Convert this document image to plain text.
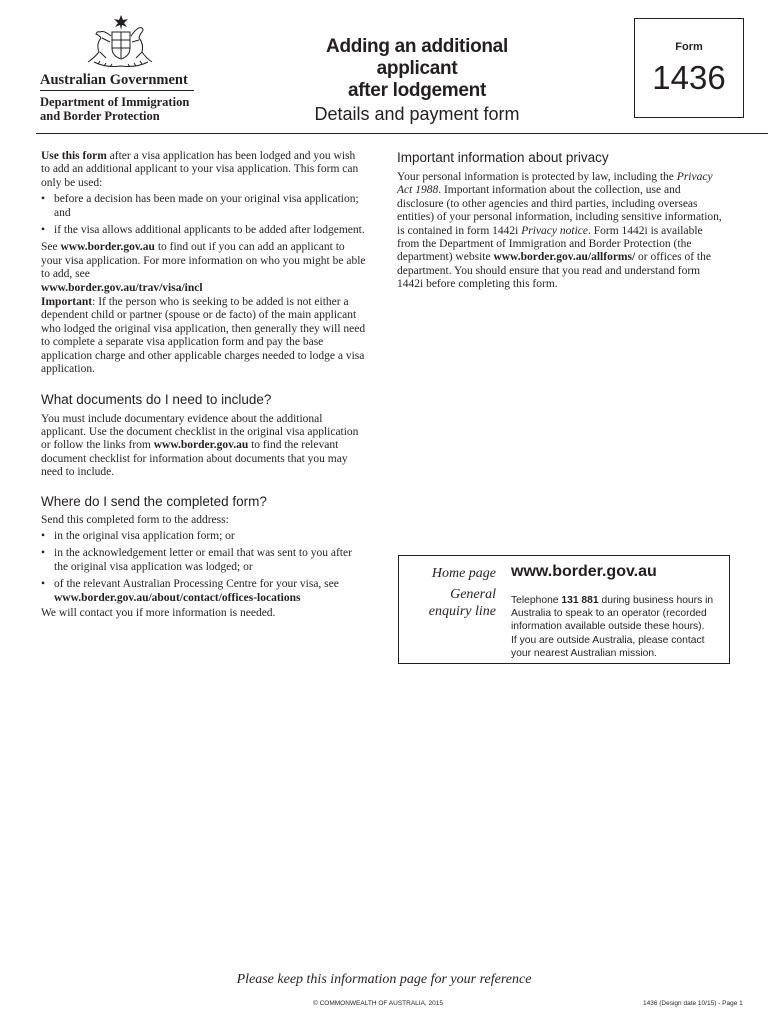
Australian Government
Department of Immigration
and Border Protection
Adding an additional applicant
after lodgement
Details and payment form
Form
1436

Use this form after a visa application has been lodged and you wish to add an additional applicant to your visa application. This form can only be used:

• before a decision has been made on your original visa application; and
• if the visa allows additional applicants to be added after lodgement.

See www.border.gov.au to find out if you can add an applicant to your visa application. For more information on who you might be able to add, see
www.border.gov.au/trav/visa/incl

Important: If the person who is seeking to be added is not either a dependent child or partner (spouse or de facto) of the main applicant who lodged the original visa application, then generally they will need to complete a separate visa application form and pay the base application charge and other applicable charges needed to lodge a visa application.

What documents do I need to include?

You must include documentary evidence about the additional applicant. Use the document checklist in the original visa application or follow the links from www.border.gov.au to find the relevant document checklist for information about documents that you may need to include.

Where do I send the completed form?

Send this completed form to the address:

• in the original visa application form; or
• in the acknowledgement letter or email that was sent to you after the original visa application was lodged; or
• of the relevant Australian Processing Centre for your visa, see

www.border.gov.au/about/contact/offices-locations

We will contact you if more information is needed.

Important information about privacy

Your personal information is protected by law, including the Privacy Act 1988. Important information about the collection, use and disclosure (to other agencies and third parties, including overseas entities) of your personal information, including sensitive information, is contained in form 1442i Privacy notice. Form 1442i is available from the Department of Immigration and Border Protection (the department) website www.border.gov.au/allforms/ or offices of the department. You should ensure that you read and understand form 1442i before completing this form.

Home page www.border.gov.au
General
enquiry line
Telephone 131 881 during business hours in Australia to speak to an operator (recorded information available outside these hours).
If you are outside Australia, please contact your nearest Australian mission.
Please keep this information page for your reference
© COMMONWEALTH OF AUSTRALIA, 2015	1436 (Design date 10/15) - Page 1
